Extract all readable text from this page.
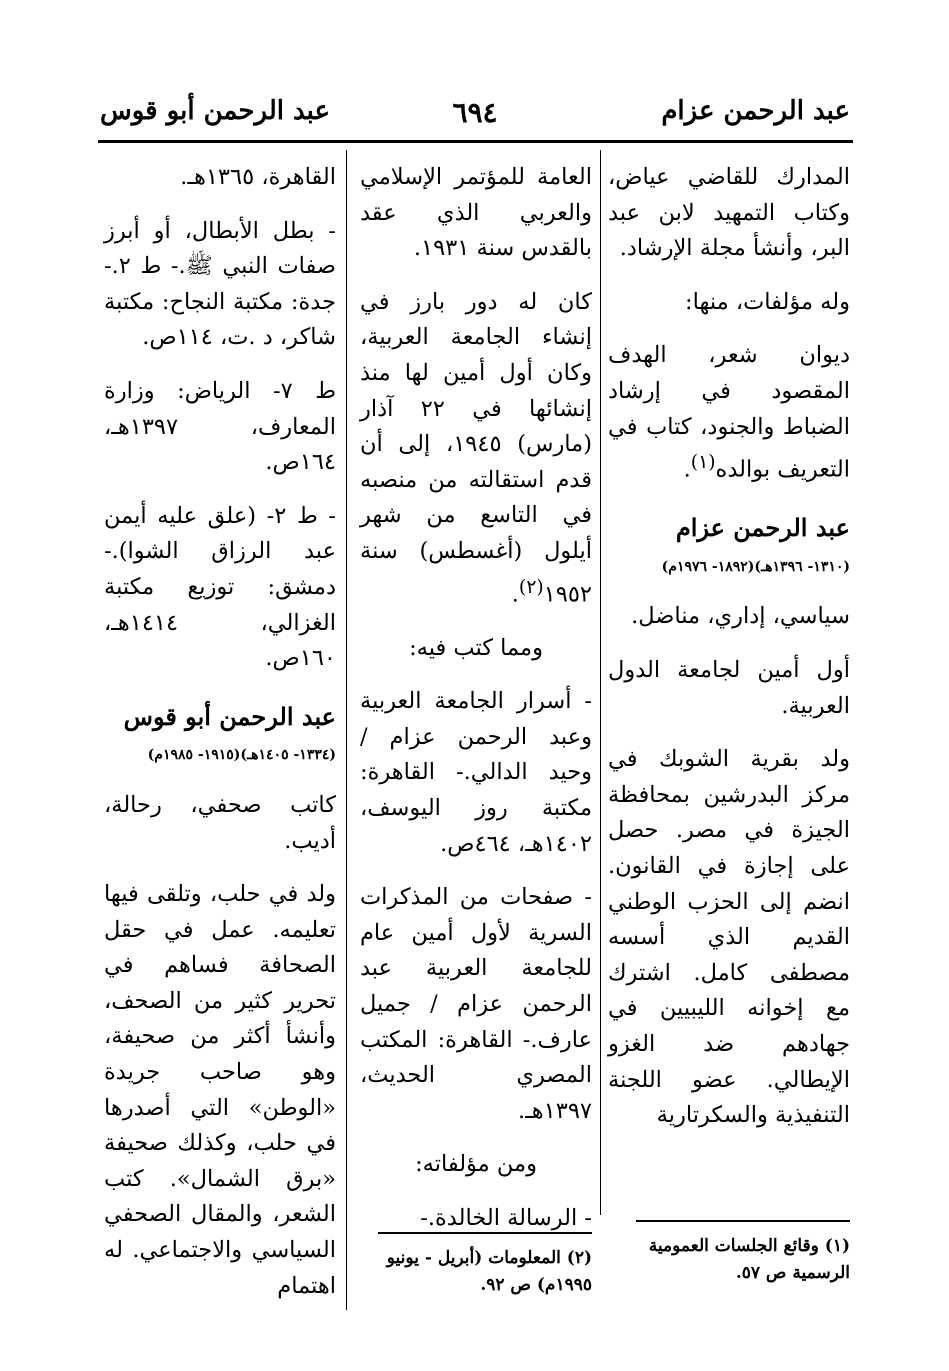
عبد الرحمن عزام
٦٩٤
عبد الرحمن أبو قوس

المدارك للقاضي عياض، وكتاب التمهيد لابن عبد البر، وأنشأ مجلة الإرشاد.

وله مؤلفات، منها:

ديوان شعر، الهدف المقصود في إرشاد الضباط والجنود، كتاب في التعريف بوالده$^{(١)}$.

عبد الرحمن عزام
(١٣١٠- ١٣٩٦هـ)(١٨٩٢- ١٩٧٦م)

سياسي، إداري، مناضل.

أول أمين لجامعة الدول العربية.

ولد بقرية الشوبك في مركز البدرشين بمحافظة الجيزة في مصر. حصل على إجازة في القانون. انضم إلى الحزب الوطني القديم الذي أسسه مصطفى كامل. اشترك مع إخوانه الليبيين في جهادهم ضد الغزو الإيطالي. عضو اللجنة التنفيذية والسكرتارية

العامة للمؤتمر الإسلامي والعربي الذي عقد بالقدس سنة ١٩٣١.

كان له دور بارز في إنشاء الجامعة العربية، وكان أول أمين لها منذ إنشائها في ٢٢ آذار (مارس) ١٩٤٥، إلى أن قدم استقالته من منصبه في التاسع من شهر أيلول (أغسطس) سنة ١٩٥٢$^{(٢)}$.

ومما كتب فيه:

- أسرار الجامعة العربية وعبد الرحمن عزام / وحيد الدالي.- القاهرة: مكتبة روز اليوسف، ١٤٠٢هـ، ٤٦٤ص.

- صفحات من المذكرات السرية لأول أمين عام للجامعة العربية عبد الرحمن عزام / جميل عارف.- القاهرة: المكتب المصري الحديث، ١٣٩٧هـ.

ومن مؤلفاته:

- الرسالة الخالدة.-

القاهرة، ١٣٦٥هـ.

- بطل الأبطال، أو أبرز صفات النبي ﷺ.- ط ٢.- جدة: مكتبة النجاح: مكتبة شاكر، د .ت، ١١٤ص.

ط ٧- الرياض: وزارة المعارف، ١٣٩٧هـ، ١٦٤ص.

- ط ٢- (علق عليه أيمن عبد الرزاق الشوا).- دمشق: توزيع مكتبة الغزالي، ١٤١٤هـ، ١٦٠ص.

عبد الرحمن أبو قوس
(١٣٣٤- ١٤٠٥هـ)(١٩١٥- ١٩٨٥م)

كاتب صحفي، رحالة، أديب.

ولد في حلب، وتلقى فيها تعليمه. عمل في حقل الصحافة فساهم في تحرير كثير من الصحف، وأنشأ أكثر من صحيفة، وهو صاحب جريدة «الوطن» التي أصدرها في حلب، وكذلك صحيفة «برق الشمال». كتب الشعر، والمقال الصحفي السياسي والاجتماعي. له اهتمام

(١) وقائع الجلسات العمومية الرسمية ص ٥٧.
(٢) المعلومات (أبريل - يونيو ١٩٩٥م) ص ٩٢.
